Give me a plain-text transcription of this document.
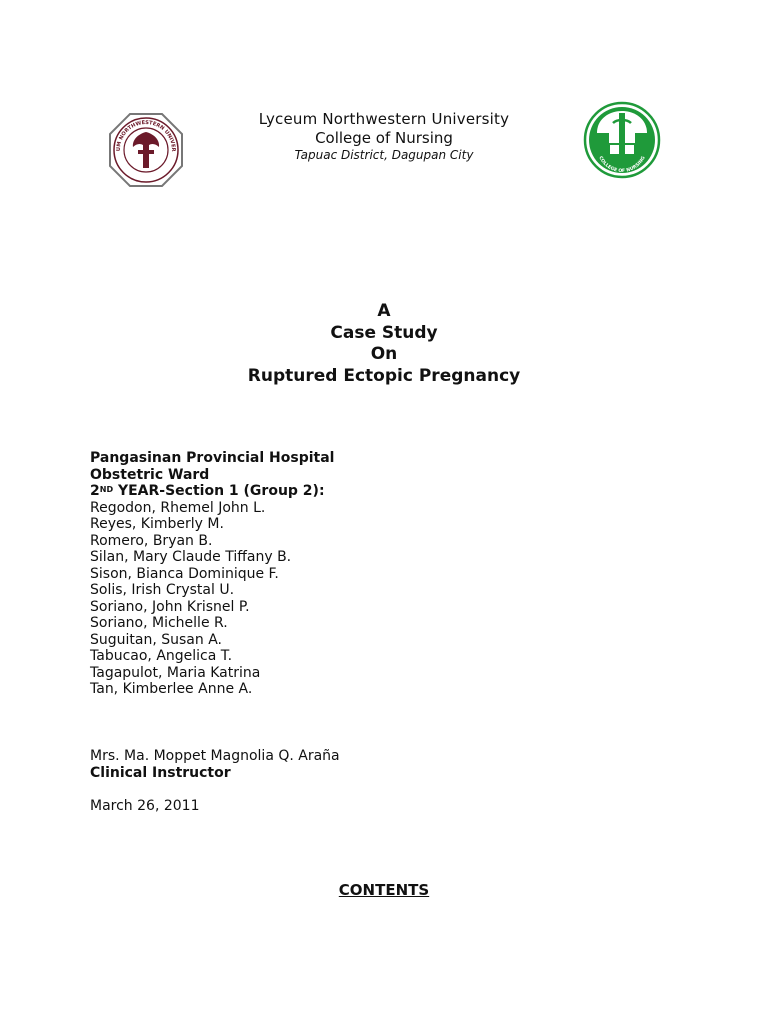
UM NORTHWESTERN UNIVER
COLLEGE OF NURSING
Lyceum Northwestern University
College of Nursing
Tapuac District, Dagupan City
A
Case Study
On
Ruptured Ectopic Pregnancy
Pangasinan Provincial Hospital
Obstetric Ward
2ND YEAR-Section 1 (Group 2):
Regodon, Rhemel John L.
Reyes, Kimberly M.
Romero, Bryan B.
Silan, Mary Claude Tiffany B.
Sison, Bianca Dominique F.
Solis, Irish Crystal U.
Soriano, John Krisnel P.
Soriano, Michelle R.
Suguitan, Susan A.
Tabucao, Angelica T.
Tagapulot, Maria Katrina
Tan, Kimberlee Anne A.
Mrs. Ma. Moppet Magnolia Q. Araña
Clinical Instructor
March 26, 2011
CONTENTS
